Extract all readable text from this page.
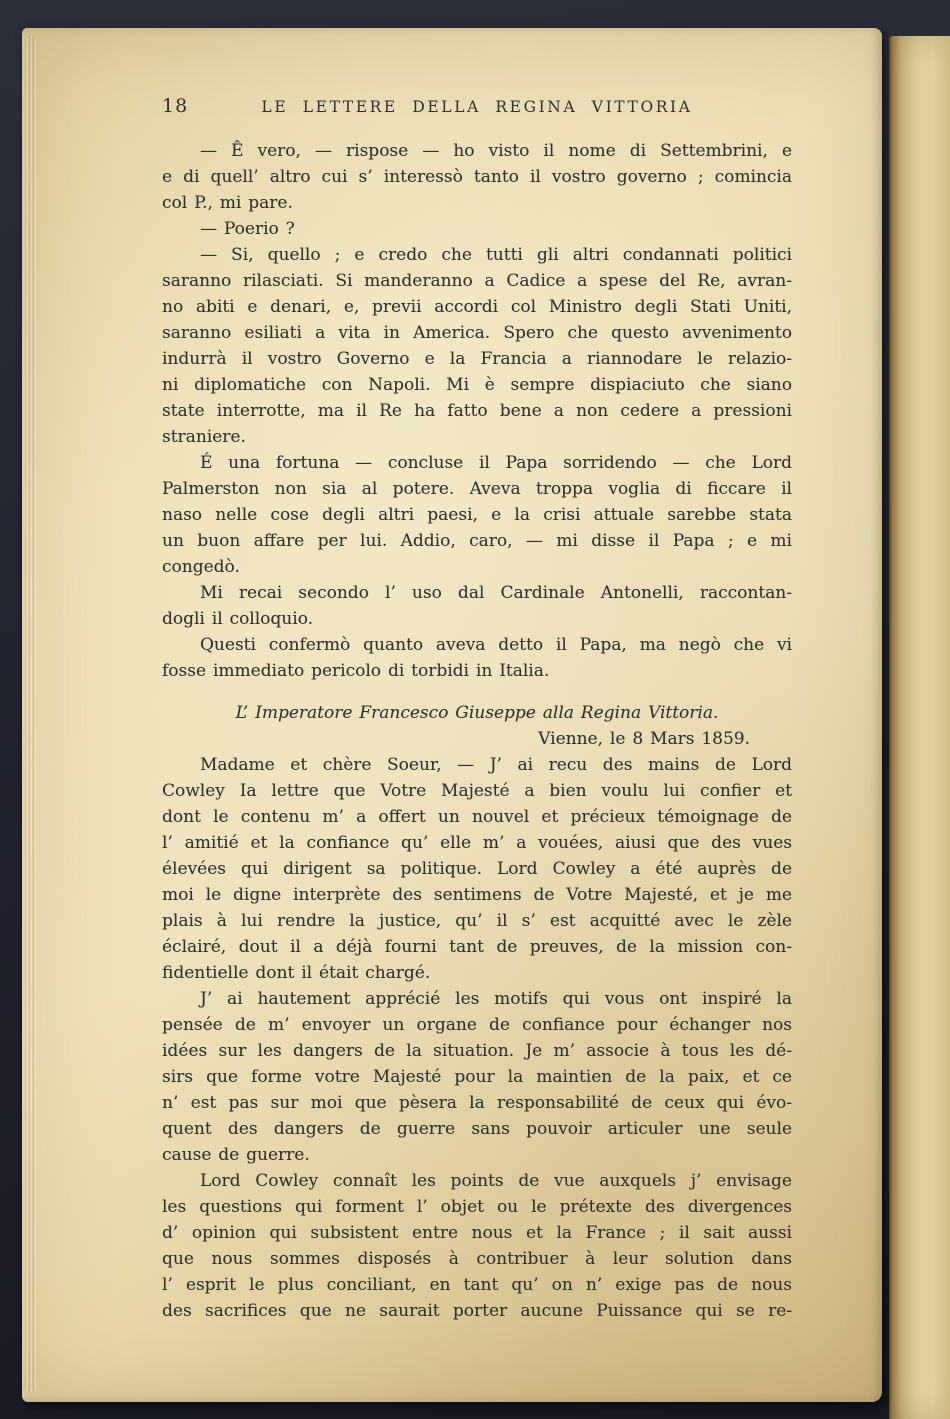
18	LE LETTERE DELLA REGINA VITTORIA
— Ê vero, — rispose — ho visto il nome di Settembrini, e
e di quell’ altro cui s’ interessò tanto il vostro governo ; comincia
col P., mi pare.
— Poerio ?
— Si, quello ; e credo che tutti gli altri condannati politici
saranno rilasciati. Si manderanno a Cadice a spese del Re, avran-
no abiti e denari, e, previi accordi col Ministro degli Stati Uniti,
saranno esiliati a vita in America. Spero che questo avvenimento
indurrà il vostro Governo e la Francia a riannodare le relazio-
ni diplomatiche con Napoli. Mi è sempre dispiaciuto che siano
state interrotte, ma il Re ha fatto bene a non cedere a pressioni
straniere.
É una fortuna — concluse il Papa sorridendo — che Lord
Palmerston non sia al potere. Aveva troppa voglia di ficcare il
naso nelle cose degli altri paesi, e la crisi attuale sarebbe stata
un buon affare per lui. Addio, caro, — mi disse il Papa ; e mi
congedò.
Mi recai secondo l’ uso dal Cardinale Antonelli, raccontan-
dogli il colloquio.
Questi confermò quanto aveva detto il Papa, ma negò che vi
fosse immediato pericolo di torbidi in Italia.
L’ Imperatore Francesco Giuseppe alla Regina Vittoria.
Vienne, le 8 Mars 1859.
Madame et chère Soeur, — J’ ai recu des mains de Lord
Cowley Ia lettre que Votre Majesté a bien voulu lui confier et
dont le contenu m’ a offert un nouvel et précieux témoignage de
l’ amitié et la confiance qu’ elle m’ a vouées, aiusi que des vues
élevées qui dirigent sa politique. Lord Cowley a été auprès de
moi le digne interprète des sentimens de Votre Majesté, et je me
plais à lui rendre la justice, qu’ il s’ est acquitté avec le zèle
éclairé, dout il a déjà fourni tant de preuves, de la mission con-
fidentielle dont il était chargé.
J’ ai hautement apprécié les motifs qui vous ont inspiré la
pensée de m’ envoyer un organe de confiance pour échanger nos
idées sur les dangers de la situation. Je m’ associe à tous les dé-
sirs que forme votre Majesté pour la maintien de la paix, et ce
n’ est pas sur moi que pèsera la responsabilité de ceux qui évo-
quent des dangers de guerre sans pouvoir articuler une seule
cause de guerre.
Lord Cowley connaît les points de vue auxquels j’ envisage
les questions qui forment l’ objet ou le prétexte des divergences
d’ opinion qui subsistent entre nous et la France ; il sait aussi
que nous sommes disposés à contribuer à leur solution dans
l’ esprit le plus conciliant, en tant qu’ on n’ exige pas de nous
des sacrifices que ne saurait porter aucune Puissance qui se re-
